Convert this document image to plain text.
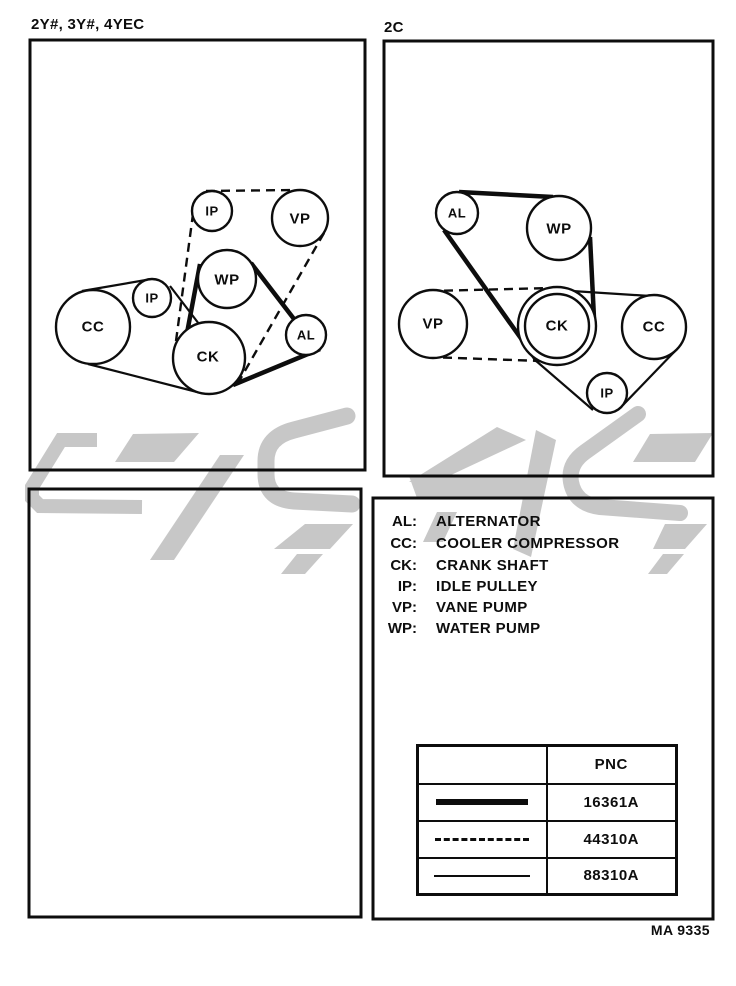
2Y#, 3Y#, 4YEC	2C
CC
IP
IP	VP
WP
CK
AL
AL
WP
VP	CK	CC
IP
AL: ALTERNATOR
CC: COOLER COMPRESSOR
CK: CRANK SHAFT
IP: IDLE PULLEY
VP: VANE PUMP
WP: WATER PUMP
	PNC

	16361A

	44310A

	88310A
MA 9335
